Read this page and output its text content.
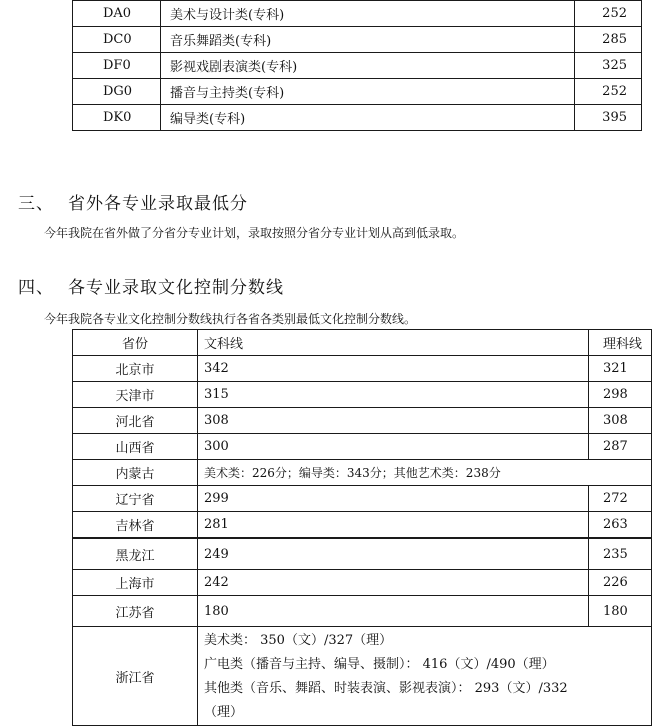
DA0	美术与设计类(专科)	252
DC0	音乐舞蹈类(专科)	285
DF0	影视戏剧表演类(专科)	325
DG0	播音与主持类(专科)	252
DK0	编导类(专科)	395
三、 省外各专业录取最低分
今年我院在省外做了分省分专业计划，录取按照分省分专业计划从高到低录取。
四、 各专业录取文化控制分数线
今年我院各专业文化控制分数线执行各省各类别最低文化控制分数线。
省份	文科线	理科线
北京市	342	321
天津市	315	298
河北省	308	308
山西省	300	287
内蒙古	美术类：226分；编导类：343分；其他艺术类：238分	
辽宁省	299	272
吉林省	281	263
黑龙江	249	235
上海市	242	226
江苏省	180	180
浙江省	美术类： 350（文）/327（理）
广电类（播音与主持、编导、摄制）： 416（文）/490（理）
其他类（音乐、舞蹈、时装表演、影视表演）： 293（文）/332
（理）	
